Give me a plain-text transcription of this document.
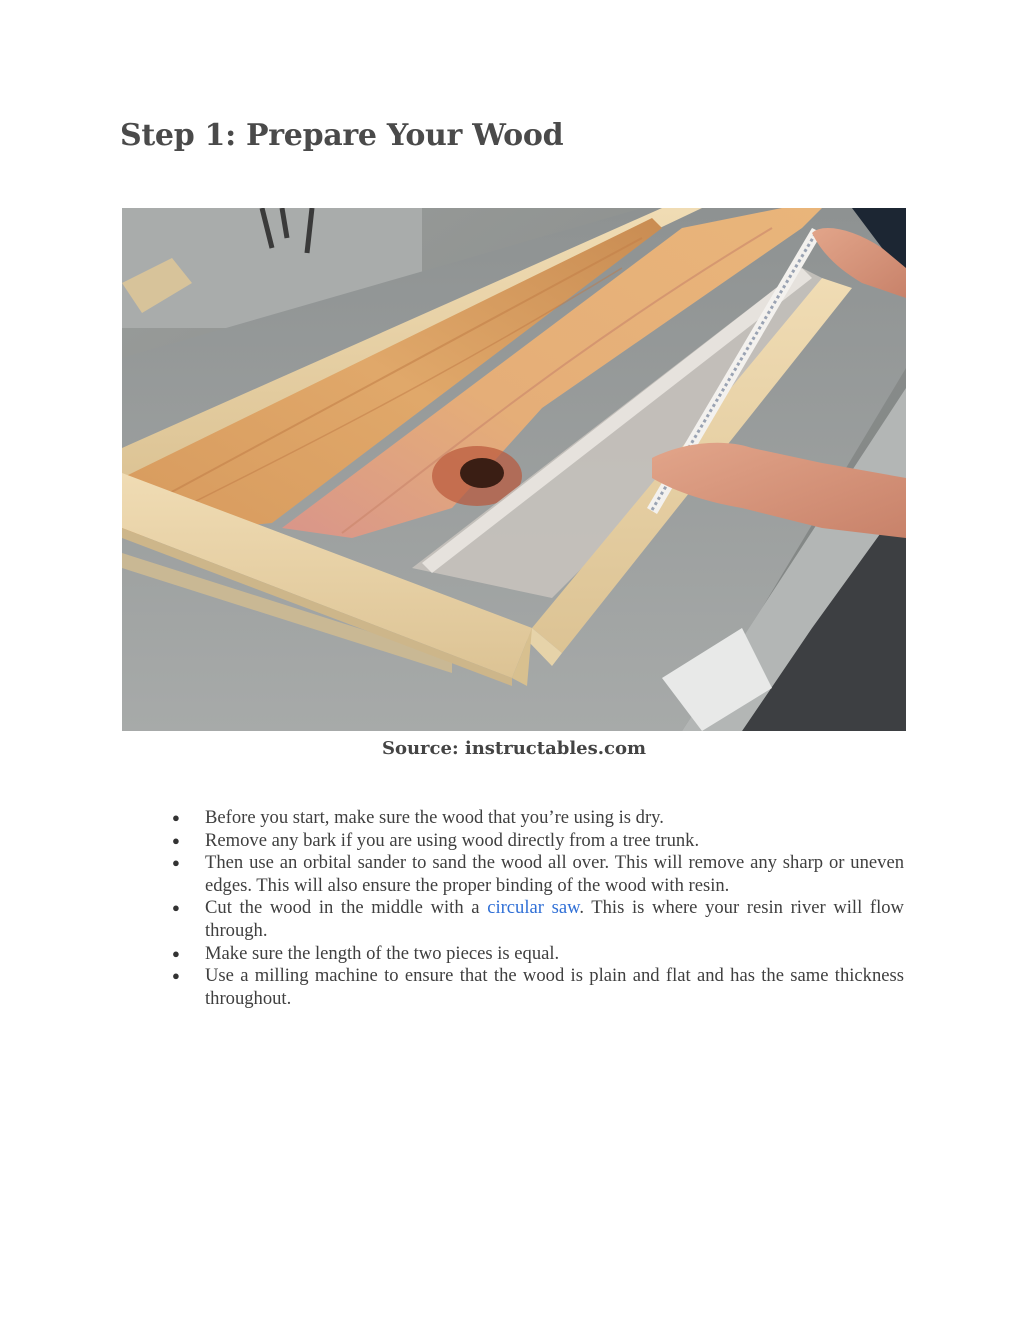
Step 1: Prepare Your Wood
Source: instructables.com
● Before you start, make sure the wood that you’re using is dry.
● Remove any bark if you are using wood directly from a tree trunk.
● Then use an orbital sander to sand the wood all over. This will remove any sharp or uneven edges. This will also ensure the proper binding of the wood with resin.
● Cut the wood in the middle with a circular saw. This is where your resin river will flow through.
● Make sure the length of the two pieces is equal.
● Use a milling machine to ensure that the wood is plain and flat and has the same thickness throughout.
